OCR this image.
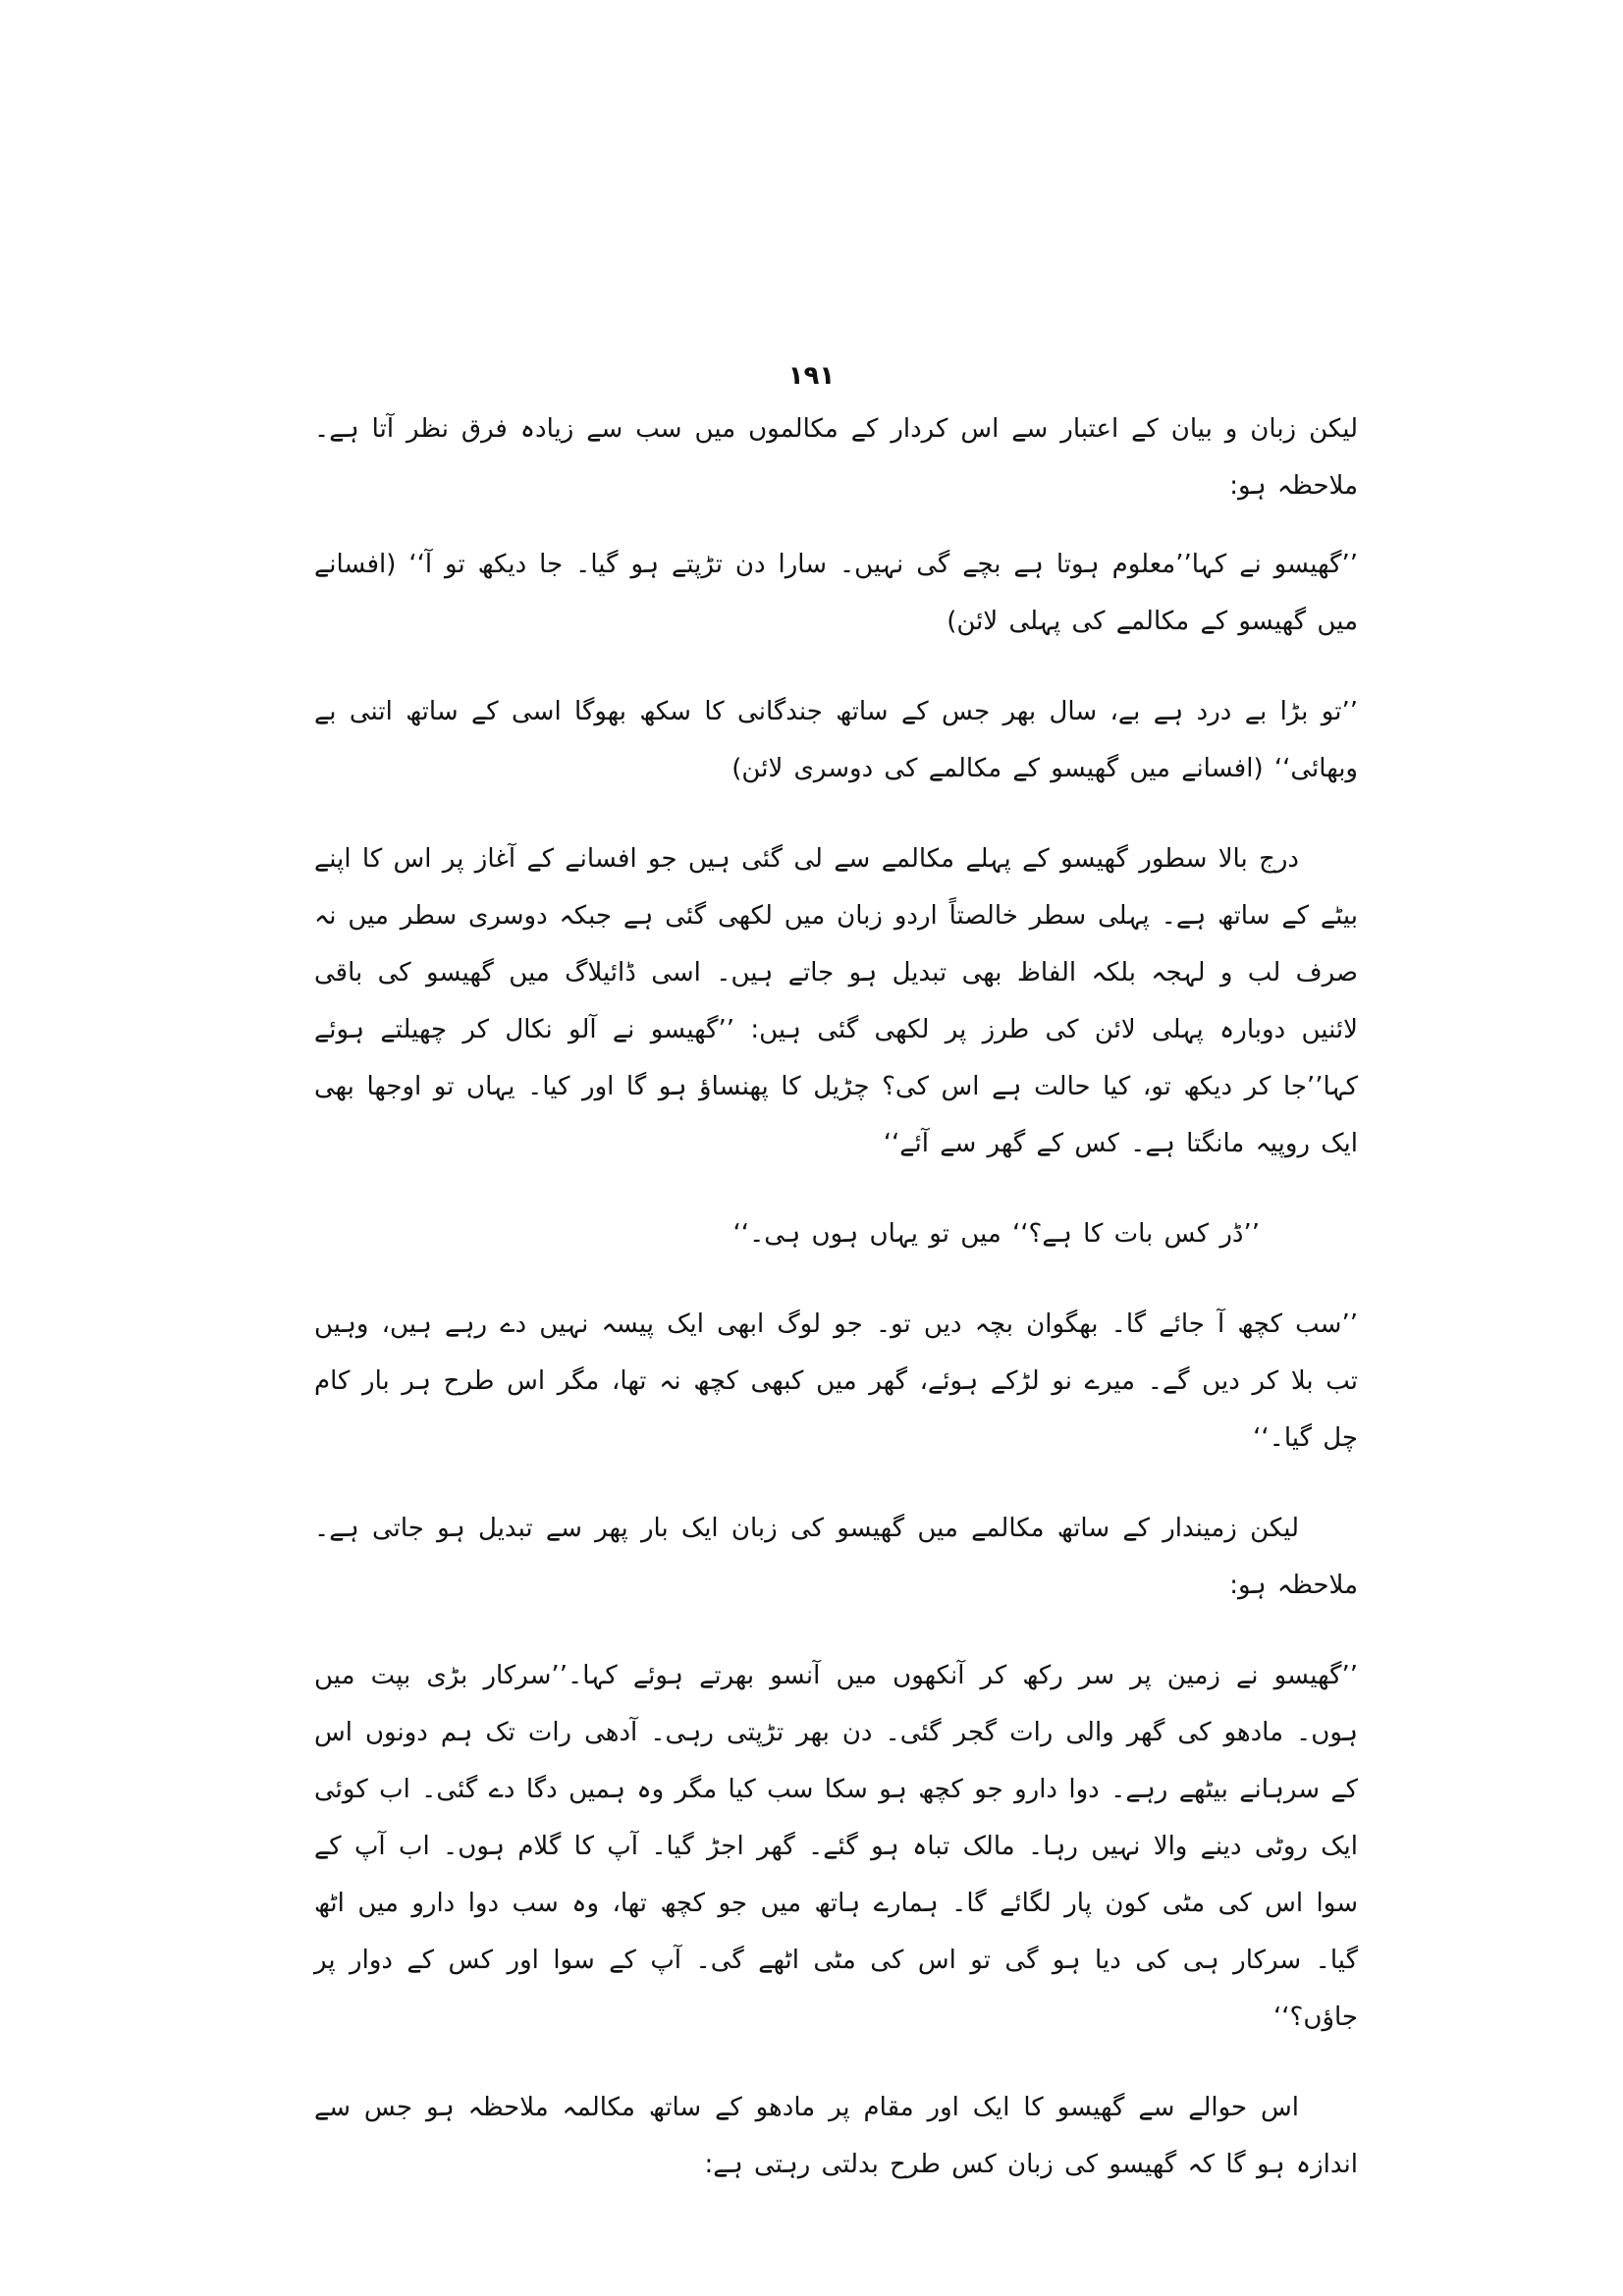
۱۹۱

لیکن زبان و بیان کے اعتبار سے اس کردار کے مکالموں میں سب سے زیادہ فرق نظر آتا ہے۔ ملاحظہ ہو:

’’گھیسو نے کہا’’معلوم ہوتا ہے بچے گی نہیں۔ سارا دن تڑپتے ہو گیا۔ جا دیکھ تو آ‘‘ (افسانے میں گھیسو کے مکالمے کی پہلی لائن)

’’تو بڑا بے درد ہے بے، سال بھر جس کے ساتھ جندگانی کا سکھ بھوگا اسی کے ساتھ اتنی بے وبھائی‘‘ (افسانے میں گھیسو کے مکالمے کی دوسری لائن)

درج بالا سطور گھیسو کے پہلے مکالمے سے لی گئی ہیں جو افسانے کے آغاز پر اس کا اپنے بیٹے کے ساتھ ہے۔ پہلی سطر خالصتاً اردو زبان میں لکھی گئی ہے جبکہ دوسری سطر میں نہ صرف لب و لہجہ بلکہ الفاظ بھی تبدیل ہو جاتے ہیں۔ اسی ڈائیلاگ میں گھیسو کی باقی لائنیں دوبارہ پہلی لائن کی طرز پر لکھی گئی ہیں: ’’گھیسو نے آلو نکال کر چھیلتے ہوئے کہا’’جا کر دیکھ تو، کیا حالت ہے اس کی؟ چڑیل کا پھنساؤ ہو گا اور کیا۔ یہاں تو اوجھا بھی ایک روپیہ مانگتا ہے۔ کس کے گھر سے آئے‘‘

’’ڈر کس بات کا ہے؟‘‘ میں تو یہاں ہوں ہی۔‘‘

’’سب کچھ آ جائے گا۔ بھگوان بچہ دیں تو۔ جو لوگ ابھی ایک پیسہ نہیں دے رہے ہیں، وہیں تب بلا کر دیں گے۔ میرے نو لڑکے ہوئے، گھر میں کبھی کچھ نہ تھا، مگر اس طرح ہر بار کام چل گیا۔‘‘

لیکن زمیندار کے ساتھ مکالمے میں گھیسو کی زبان ایک بار پھر سے تبدیل ہو جاتی ہے۔ ملاحظہ ہو:

’’گھیسو نے زمین پر سر رکھ کر آنکھوں میں آنسو بھرتے ہوئے کہا۔’’سرکار بڑی بپت میں ہوں۔ مادھو کی گھر والی رات گجر گئی۔ دن بھر تڑپتی رہی۔ آدھی رات تک ہم دونوں اس کے سرہانے بیٹھے رہے۔ دوا دارو جو کچھ ہو سکا سب کیا مگر وہ ہمیں دگا دے گئی۔ اب کوئی ایک روٹی دینے والا نہیں رہا۔ مالک تباہ ہو گئے۔ گھر اجڑ گیا۔ آپ کا گلام ہوں۔ اب آپ کے سوا اس کی مٹی کون پار لگائے گا۔ ہمارے ہاتھ میں جو کچھ تھا، وہ سب دوا دارو میں اٹھ گیا۔ سرکار ہی کی دیا ہو گی تو اس کی مٹی اٹھے گی۔ آپ کے سوا اور کس کے دوار پر جاؤں؟‘‘

اس حوالے سے گھیسو کا ایک اور مقام پر مادھو کے ساتھ مکالمہ ملاحظہ ہو جس سے اندازہ ہو گا کہ گھیسو کی زبان کس طرح بدلتی رہتی ہے:
